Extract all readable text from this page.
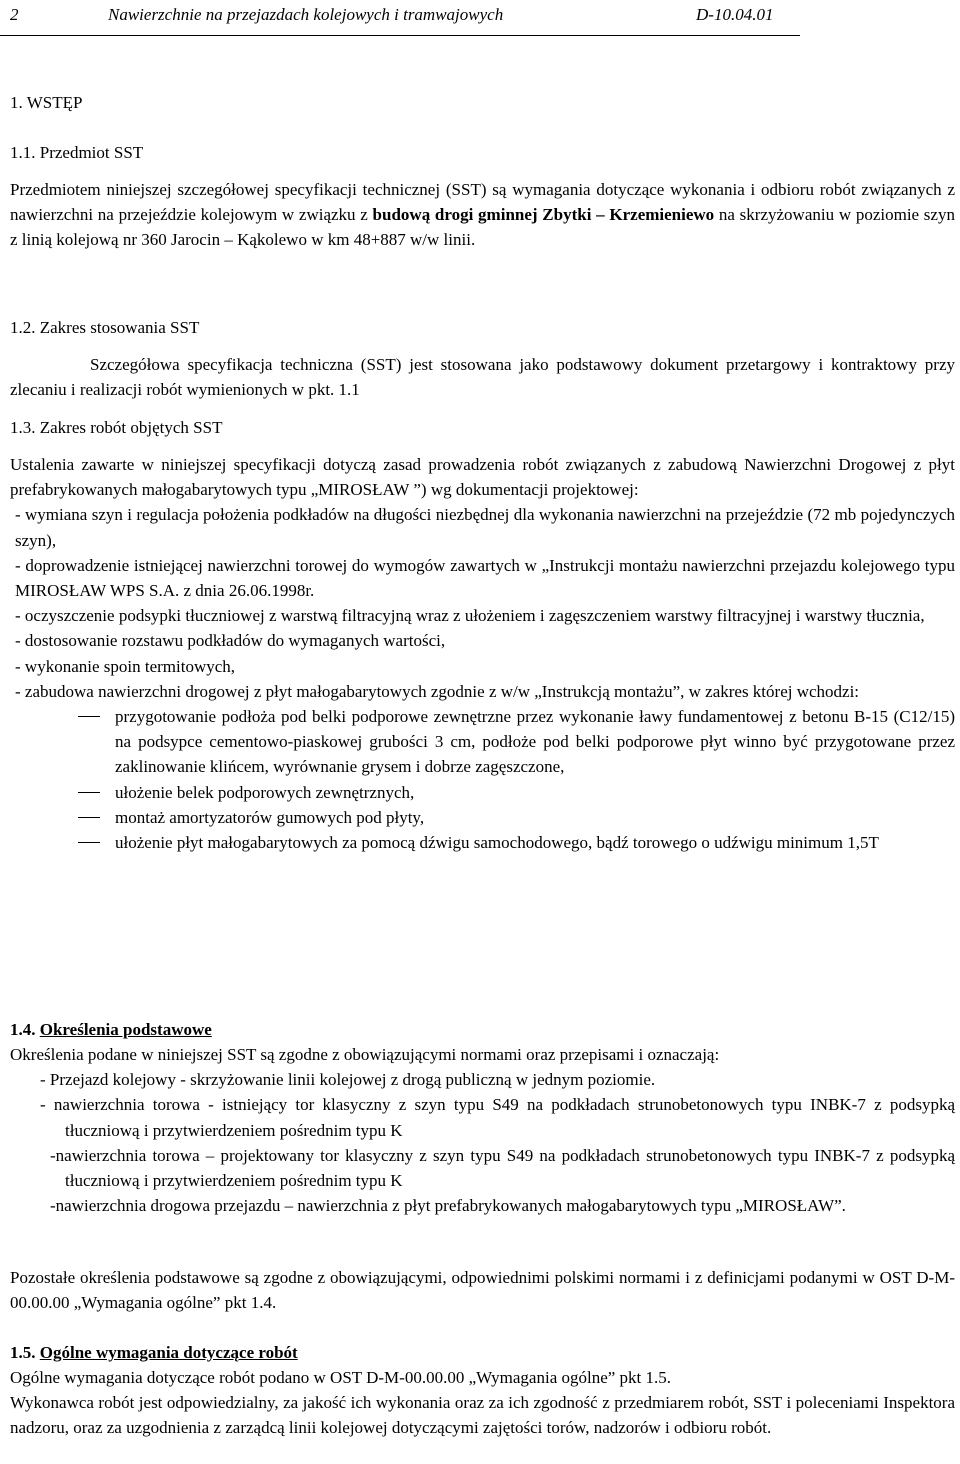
2	Nawierzchnie na przejazdach kolejowych i tramwajowych	D-10.04.01

1. WSTĘP

1.1. Przedmiot SST

Przedmiotem niniejszej szczegółowej specyfikacji technicznej (SST) są wymagania dotyczące wykonania i odbioru robót związanych z nawierzchni na przejeździe kolejowym w związku z budową drogi gminnej Zbytki – Krzemieniewo na skrzyżowaniu w poziomie szyn z linią kolejową nr 360 Jarocin – Kąkolewo w km 48+887 w/w linii.

1.2. Zakres stosowania SST

Szczegółowa specyfikacja techniczna (SST) jest stosowana jako podstawowy dokument przetargowy i kontraktowy przy zlecaniu i realizacji robót wymienionych w pkt. 1.1

1.3. Zakres robót objętych SST

Ustalenia zawarte w niniejszej specyfikacji dotyczą zasad prowadzenia robót związanych z zabudową Nawierzchni Drogowej z płyt prefabrykowanych małogabarytowych typu „MIROSŁAW ”) wg dokumentacji projektowej:

- wymiana szyn i regulacja położenia podkładów na długości niezbędnej dla wykonania nawierzchni na przejeździe (72 mb pojedynczych szyn),

- doprowadzenie istniejącej nawierzchni torowej do wymogów zawartych w „Instrukcji montażu nawierzchni przejazdu kolejowego typu MIROSŁAW WPS S.A. z dnia 26.06.1998r.

- oczyszczenie podsypki tłuczniowej z warstwą filtracyjną wraz z ułożeniem i zagęszczeniem warstwy filtracyjnej i warstwy tłucznia,

- dostosowanie rozstawu podkładów do wymaganych wartości,

- wykonanie spoin termitowych,

- zabudowa nawierzchni drogowej z płyt małogabarytowych zgodnie z w/w „Instrukcją montażu”, w zakres której wchodzi:

przygotowanie podłoża pod belki podporowe zewnętrzne przez wykonanie ławy fundamentowej z betonu B-15 (C12/15) na podsypce cementowo-piaskowej grubości 3 cm, podłoże pod belki podporowe płyt winno być przygotowane przez zaklinowanie klińcem, wyrównanie grysem i dobrze zagęszczone,
ułożenie belek podporowych zewnętrznych,
montaż amortyzatorów gumowych pod płyty,
ułożenie płyt małogabarytowych za pomocą dźwigu samochodowego, bądź torowego o udźwigu minimum 1,5T

1.4. Określenia podstawowe

Określenia podane w niniejszej SST są zgodne z obowiązującymi normami oraz przepisami i oznaczają:

- Przejazd kolejowy - skrzyżowanie linii kolejowej z drogą publiczną w jednym poziomie.

- nawierzchnia torowa - istniejący tor klasyczny z szyn typu S49 na podkładach strunobetonowych typu INBK-7 z podsypką tłuczniową i przytwierdzeniem pośrednim typu K

-nawierzchnia torowa – projektowany tor klasyczny z szyn typu S49 na podkładach strunobetonowych typu INBK-7 z podsypką tłuczniową i przytwierdzeniem pośrednim typu K

-nawierzchnia drogowa przejazdu – nawierzchnia z płyt prefabrykowanych małogabarytowych typu „MIROSŁAW”.

Pozostałe określenia podstawowe są zgodne z obowiązującymi, odpowiednimi polskimi normami i z definicjami podanymi w OST D-M-00.00.00 „Wymagania ogólne” pkt 1.4.

1.5. Ogólne wymagania dotyczące robót

Ogólne wymagania dotyczące robót podano w OST D-M-00.00.00 „Wymagania ogólne” pkt 1.5.

Wykonawca robót jest odpowiedzialny, za jakość ich wykonania oraz za ich zgodność z przedmiarem robót, SST i poleceniami Inspektora nadzoru, oraz za uzgodnienia z zarządcą linii kolejowej dotyczącymi zajętości torów, nadzorów i odbioru robót.
